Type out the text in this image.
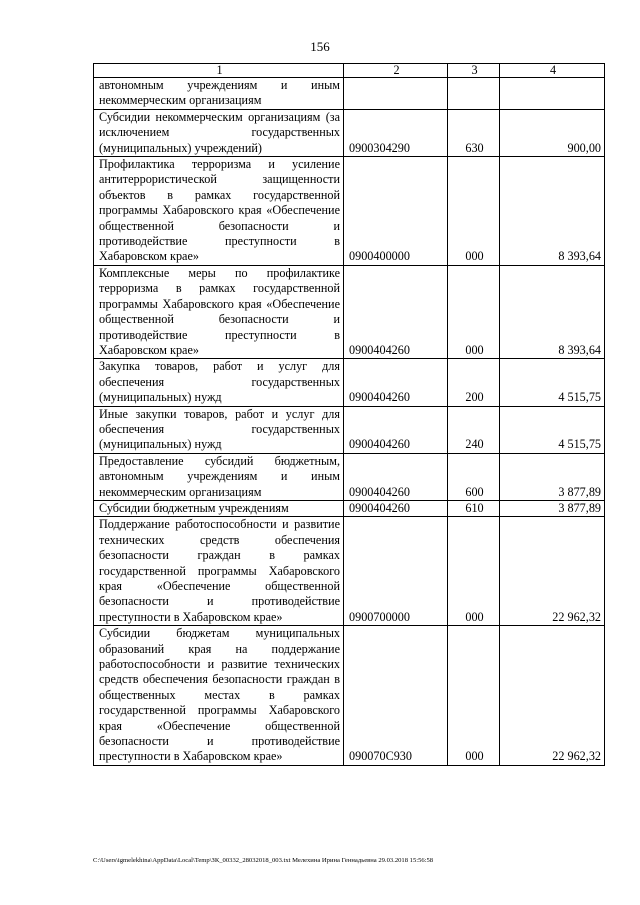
156
1	2	3	4
автономным учреждениям и иным некоммерческим организациям			
Субсидии некоммерческим организациям (за исключением государственных (муниципальных) учреждений)	0900304290	630	900,00
Профилактика терроризма и усиление антитеррористической защищенности объектов в рамках государственной программы Хабаровского края «Обеспечение общественной безопасности и противодействие преступности в Хабаровском крае»	0900400000	000	8 393,64
Комплексные меры по профилактике терроризма в рамках государственной программы Хабаровского края «Обеспечение общественной безопасности и противодействие преступности в Хабаровском крае»	0900404260	000	8 393,64
Закупка товаров, работ и услуг для обеспечения государственных (муниципальных) нужд	0900404260	200	4 515,75
Иные закупки товаров, работ и услуг для обеспечения государственных (муниципальных) нужд	0900404260	240	4 515,75
Предоставление субсидий бюджетным, автономным учреждениям и иным некоммерческим организациям	0900404260	600	3 877,89
Субсидии бюджетным учреждениям	0900404260	610	3 877,89
Поддержание работоспособности и развитие технических средств обеспечения безопасности граждан в рамках государственной программы Хабаровского края «Обеспечение общественной безопасности и противодействие преступности в Хабаровском крае»	0900700000	000	22 962,32
Субсидии бюджетам муниципальных образований края на поддержание работоспособности и развитие технических средств обеспечения безопасности граждан в общественных местах в рамках государственной программы Хабаровского края «Обеспечение общественной безопасности и противодействие преступности в Хабаровском крае»	090070С930	000	22 962,32
C:\Users\igmelekhina\AppData\Local\Temp\ЗК_00332_28032018_003.txt Мелехина Ирина Геннадьевна 29.03.2018 15:56:58
